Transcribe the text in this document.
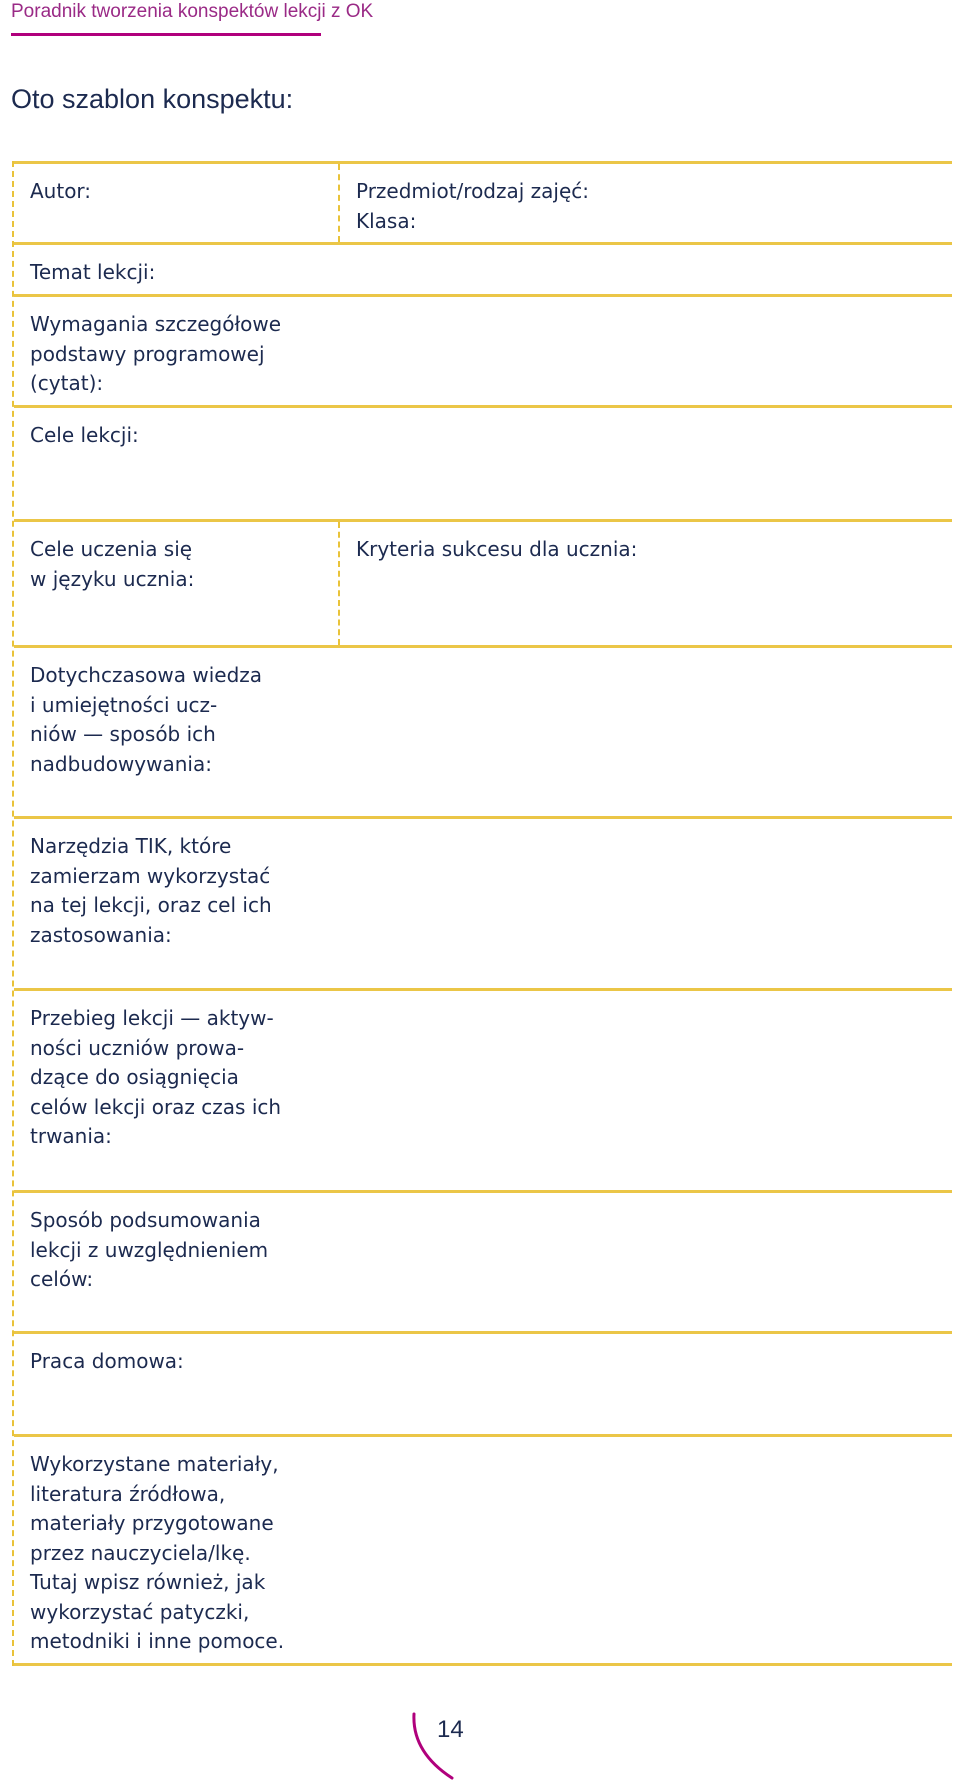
Poradnik tworzenia konspektów lekcji z OK
Oto szablon konspektu:
Autor:	Przedmiot/rodzaj zajęć:
Klasa:
Temat lekcji:
Wymagania szczegółowe
podstawy programowej
(cytat):
Cele lekcji:
Cele uczenia się
w języku ucznia:
Kryteria sukcesu dla ucznia:
Dotychczasowa wiedza
i umiejętności ucz-
niów — sposób ich
nadbudowywania:
Narzędzia TIK, które
zamierzam wykorzystać
na tej lekcji, oraz cel ich
zastosowania:
Przebieg lekcji — aktyw-
ności uczniów prowa-
dzące do osiągnięcia
celów lekcji oraz czas ich
trwania:
Sposób podsumowania
lekcji z uwzględnieniem
celów:
Praca domowa:
Wykorzystane materiały,
literatura źródłowa,
materiały przygotowane
przez nauczyciela/lkę.
Tutaj wpisz również, jak
wykorzystać patyczki,
metodniki i inne pomoce.
14
